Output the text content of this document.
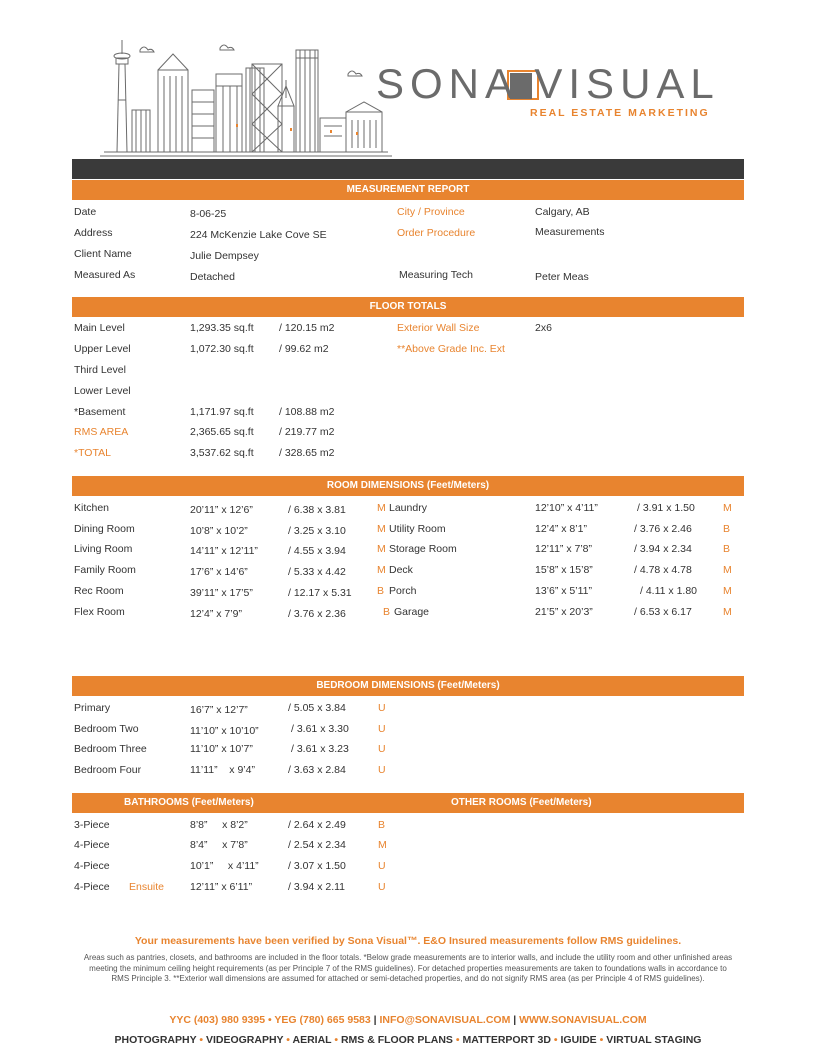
SONA VISUAL
REAL ESTATE MARKETING
MEASUREMENT REPORT
Date	8-06-25
Address	224 McKenzie Lake Cove SE
Client Name	Julie Dempsey
Measured As	Detached
City / Province	Calgary, AB
Order Procedure	Measurements
Measuring Tech	Peter Meas
FLOOR TOTALS
Main Level	1,293.35 sq.ft / 120.15 m2
Upper Level	1,072.30 sq.ft / 99.62 m2
Third Level
Lower Level
*Basement	1,171.97 sq.ft / 108.88 m2
RMS AREA	2,365.65 sq.ft / 219.77 m2
*TOTAL	3,537.62 sq.ft / 328.65 m2
Exterior Wall Size	2x6
**Above Grade Inc. Ext
ROOM DIMENSIONS (Feet/Meters)
Kitchen	20’11” x 12’6”	/ 6.38 x 3.81	M
Dining Room	10’8” x 10’2”	/ 3.25 x 3.10	M
Living Room	14’11” x 12’11”	/ 4.55 x 3.94	M
Family Room	17’6” x 14’6”	/ 5.33 x 4.42	M
Rec Room	39’11” x 17’5”	/ 12.17 x 5.31 B
Flex Room	12’4” x 7’9”	/ 3.76 x 2.36	B
Laundry	12’10” x 4’11”	/ 3.91 x 1.50	M
Utility Room	12’4” x 8’1”	/ 3.76 x 2.46	B
Storage Room	12’11” x 7’8”	/ 3.94 x 2.34	B
Deck	15’8” x 15’8”	/ 4.78 x 4.78	M
Porch	13’6” x 5’11”	/ 4.11 x 1.80 M
Garage	21’5” x 20’3”	/ 6.53 x 6.17	M
BEDROOM DIMENSIONS (Feet/Meters)
Primary	16’7” x 12’7”	/ 5.05 x 3.84	U
Bedroom Two	11’10” x 10’10”	/ 3.61 x 3.30	U
Bedroom Three	11’10” x 10’7”	/ 3.61 x 3.23	U
Bedroom Four	11’11”    x 9’4”	/ 3.63 x 2.84	U
BATHROOMS (Feet/Meters)	OTHER ROOMS (Feet/Meters)
3-Piece	8’8”     x 8’2”	/ 2.64 x 2.49	B
4-Piece	8’4”     x 7’8”	/ 2.54 x 2.34	M
4-Piece	10’1”     x 4’11”	/ 3.07 x 1.50	U
4-Piece Ensuite 12’11” x 6’11”	/ 3.94 x 2.11	U
Your measurements have been verified by Sona Visual™. E&O Insured measurements follow RMS guidelines.
Areas such as pantries, closets, and bathrooms are included in the floor totals. *Below grade measurements are to interior walls, and include the utility room and other unfinished areas meeting the minimum ceiling height requirements (as per Principle 7 of the RMS guidelines). For detached properties measurements are taken to foundations walls in accordance to RMS Principle 3. **Exterior wall dimensions are assumed for attached or semi-detached properties, and do not signify RMS area (as per Principle 4 of RMS guidelines).
YYC (403) 980 9395 • YEG (780) 665 9583 | INFO@SONAVISUAL.COM | WWW.SONAVISUAL.COM
PHOTOGRAPHY • VIDEOGRAPHY • AERIAL • RMS & FLOOR PLANS • MATTERPORT 3D • IGUIDE • VIRTUAL STAGING
